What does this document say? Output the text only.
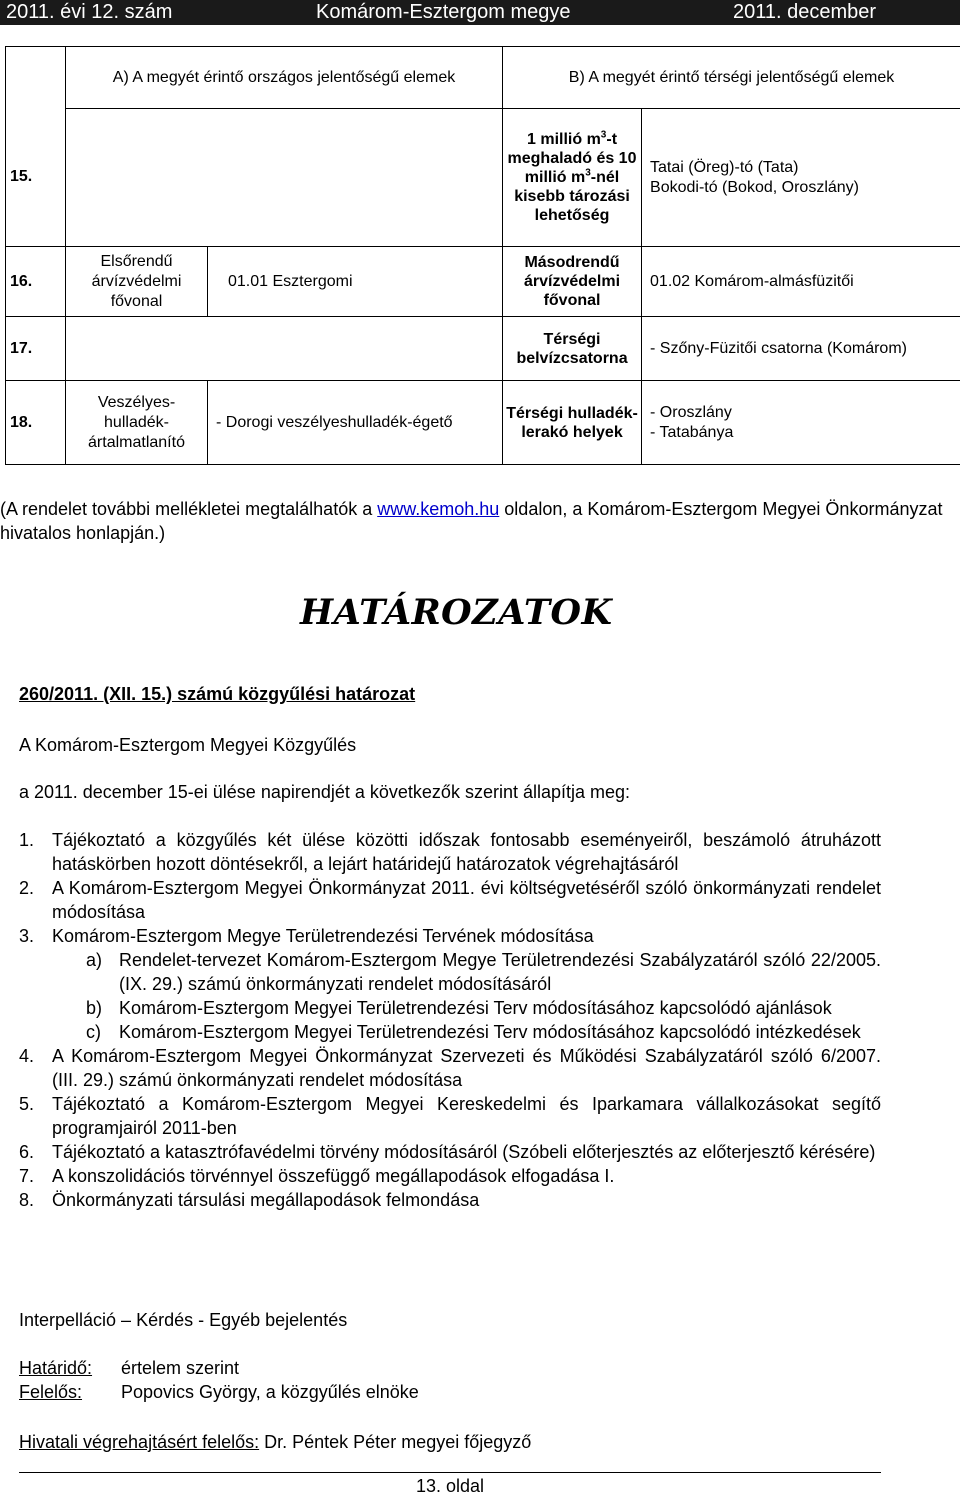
2011. évi 12. szám	Komárom-Esztergom megye	2011. december
	A) A megyét érintő országos jelentőségű elemek		B) A megyét érintő térségi jelentőségű elemek	
15.			1 millió $m^3-t$ meghaladó és 10 millió $m^3$-nél kisebb tározási lehetőség	Tatai (Öreg)-tó (Tata)
Bokodi-tó (Bokod, Oroszlány)

16.	Elsőrendű árvízvédelmi fővonal	01.01 Esztergomi	Másodrendű árvízvédelmi fővonal	01.02 Komárom-almásfüzitői
17.			Térségi belvízcsatorna	- Szőny-Füzitői csatorna (Komárom)
18.	Veszélyes-hulladék-ártalmatlanító	- Dorogi veszélyeshulladék-égető	Térségi hulladék-lerakó helyek	- Oroszlány
- Tatabánya
(A rendelet további mellékletei megtalálhatók a www.kemoh.hu oldalon, a Komárom-Esztergom Megyei Önkormányzat hivatalos honlapján.)
HATÁROZATOK
260/2011. (XII. 15.) számú közgyűlési határozat
A Komárom-Esztergom Megyei Közgyűlés
a 2011. december 15-ei ülése napirendjét a következők szerint állapítja meg:
1. Tájékoztató a közgyűlés két ülése közötti időszak fontosabb eseményeiről, beszámoló átruházott hatáskörben hozott döntésekről, a lejárt határidejű határozatok végrehajtásáról
2. A Komárom-Esztergom Megyei Önkormányzat 2011. évi költségvetéséről szóló önkormányzati rendelet módosítása
3. Komárom-Esztergom Megye Területrendezési Tervének módosítása
a) Rendelet-tervezet Komárom-Esztergom Megye Területrendezési Szabályzatáról szóló 22/2005. (IX. 29.) számú önkormányzati rendelet módosításáról
b) Komárom-Esztergom Megyei Területrendezési Terv módosításához kapcsolódó ajánlások
c)	Komárom-Esztergom Megyei Területrendezési Terv módosításához kapcsolódó intézkedések
4. A Komárom-Esztergom Megyei Önkormányzat Szervezeti és Működési Szabályzatáról szóló 6/2007. (III. 29.) számú önkormányzati rendelet módosítása
5. Tájékoztató a Komárom-Esztergom Megyei Kereskedelmi és Iparkamara vállalkozásokat segítő programjairól 2011-ben
6. Tájékoztató a katasztrófavédelmi törvény módosításáról (Szóbeli előterjesztés az előterjesztő kérésére)
7. A konszolidációs törvénnyel összefüggő megállapodások elfogadása I.
8. Önkormányzati társulási megállapodások felmondása
Interpelláció – Kérdés - Egyéb bejelentés
Határidő: értelem szerint
Felelős: Popovics György, a közgyűlés elnöke
Hivatali végrehajtásért felelős: Dr. Péntek Péter megyei főjegyző
13. oldal
